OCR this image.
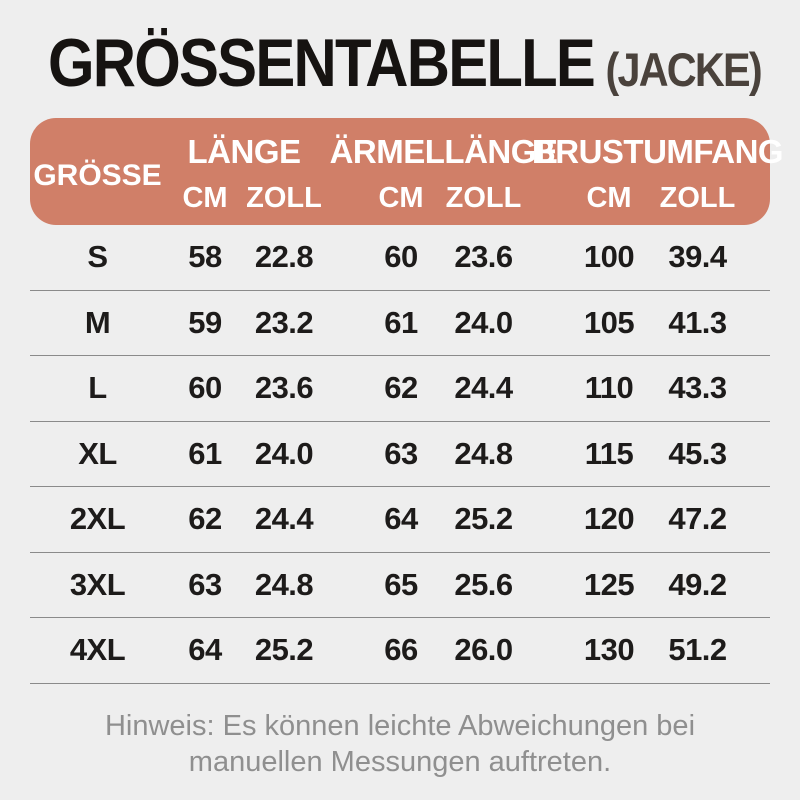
GRÖSSENTABELLE (JACKE)
GRÖSSE
LÄNGE ÄRMELLÄNGE
BRUSTUMFANG
CM ZOLL	CM ZOLL	CM ZOLL
S	58	22.8	60	23.6	100	39.4
M	59	23.2	61	24.0	105	41.3
L	60	23.6	62	24.4	110	43.3
XL	61	24.0	63	24.8	115	45.3
2XL	62	24.4	64	25.2	120	47.2
3XL	63	24.8	65	25.6	125	49.2
4XL	64	25.2	66	26.0	130	51.2

Hinweis: Es können leichte Abweichungen bei manuellen Messungen auftreten.
